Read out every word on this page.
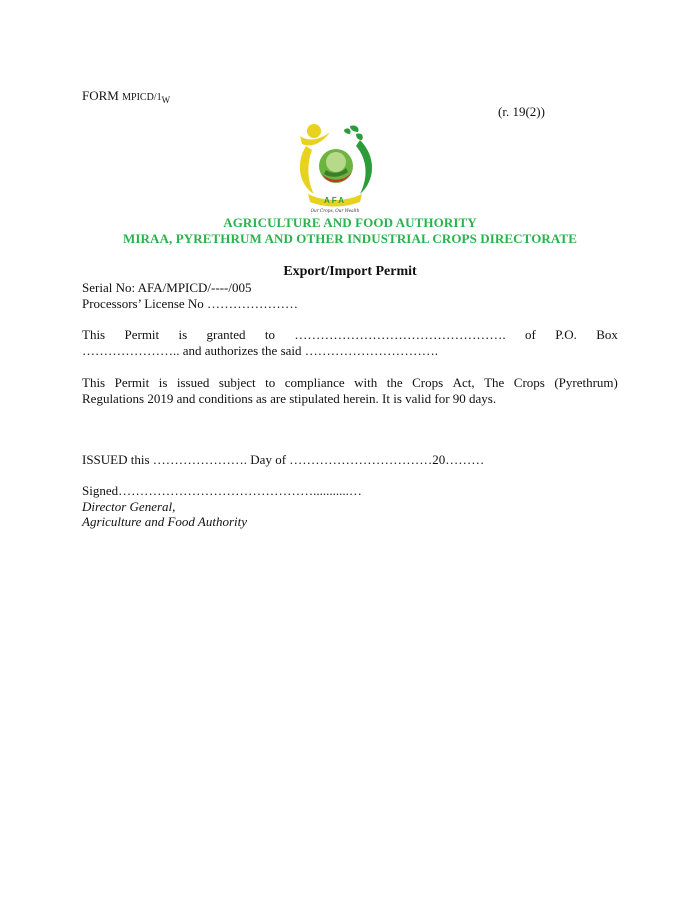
FORM MPICD/$1_W$
(r. 19(2))
AFA
Our Crops, Our Wealth
AGRICULTURE AND FOOD AUTHORITY
MIRAA, PYRETHRUM AND OTHER INDUSTRIAL CROPS DIRECTORATE
Export/Import Permit
Serial No: AFA/MPICD/----/005
Processors’ License No …………………
This Permit is granted to …………………………………………. of P.O. Box
………………….. and authorizes the said ………………………….
This Permit is issued subject to compliance with the Crops Act, The Crops (Pyrethrum)
Regulations 2019 and conditions as are stipulated herein. It is valid for 90 days.
ISSUED this …………………. Day of ……………………………20………
Signed………………………………………...........…
Director General,
Agriculture and Food Authority
